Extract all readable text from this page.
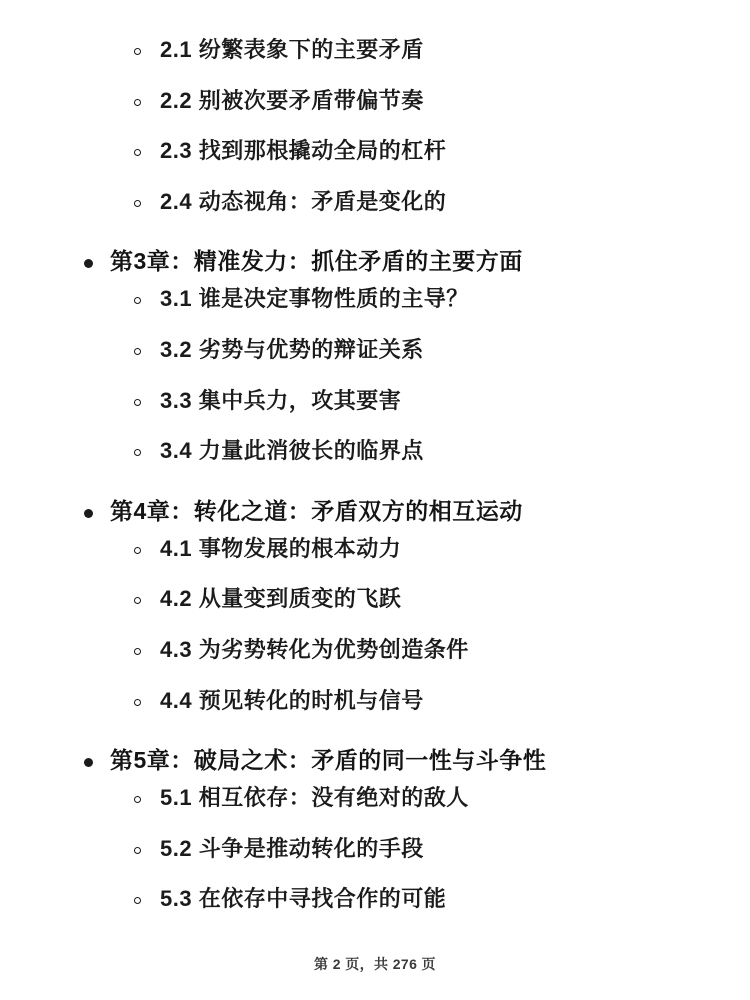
2.1 纷繁表象下的主要矛盾
2.2 别被次要矛盾带偏节奏
2.3 找到那根撬动全局的杠杆
2.4 动态视角：矛盾是变化的
第3章：精准发力：抓住矛盾的主要方面
3.1 谁是决定事物性质的主导？
3.2 劣势与优势的辩证关系
3.3 集中兵力，攻其要害
3.4 力量此消彼长的临界点
第4章：转化之道：矛盾双方的相互运动
4.1 事物发展的根本动力
4.2 从量变到质变的飞跃
4.3 为劣势转化为优势创造条件
4.4 预见转化的时机与信号
第5章：破局之术：矛盾的同一性与斗争性
5.1 相互依存：没有绝对的敌人
5.2 斗争是推动转化的手段
5.3 在依存中寻找合作的可能
第 2 页，共 276 页
